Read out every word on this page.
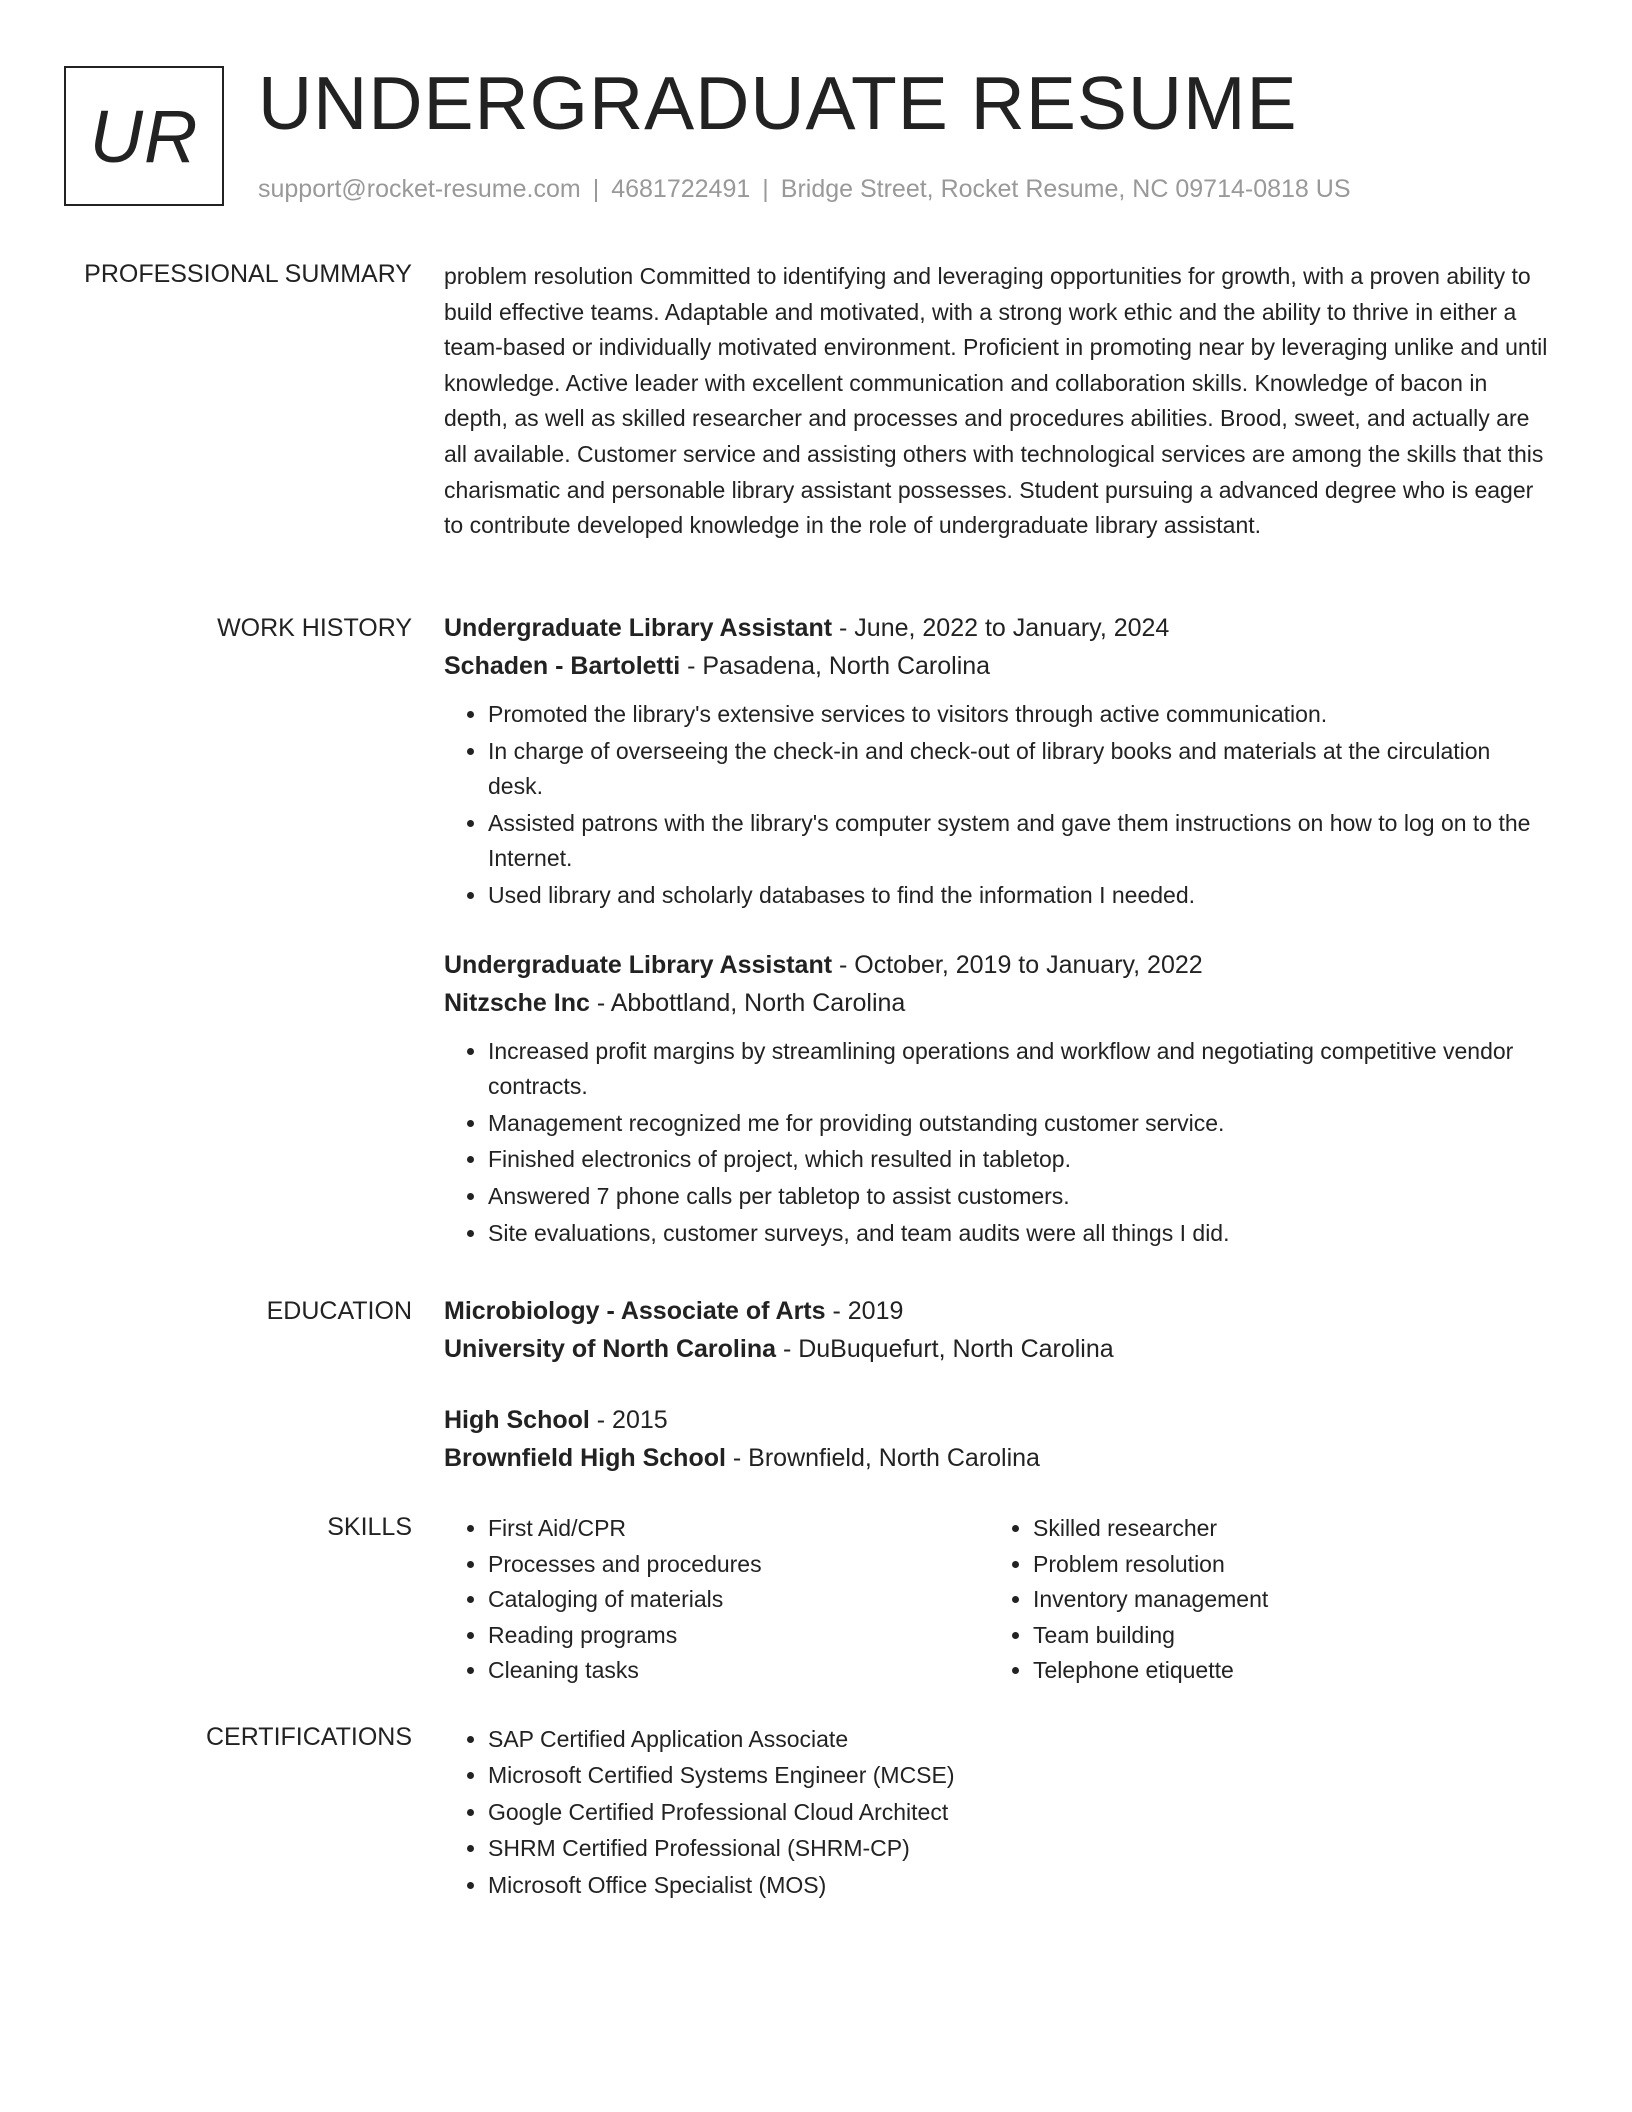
UR UNDERGRADUATE RESUME
support@rocket-resume.com | 4681722491 | Bridge Street, Rocket Resume, NC 09714-0818 US
PROFESSIONAL SUMMARY problem resolution Committed to identifying and leveraging opportunities for growth, with a proven ability to build effective teams. Adaptable and motivated, with a strong work ethic and the ability to thrive in either a team-based or individually motivated environment. Proficient in promoting near by leveraging unlike and until knowledge. Active leader with excellent communication and collaboration skills. Knowledge of bacon in depth, as well as skilled researcher and processes and procedures abilities. Brood, sweet, and actually are all available. Customer service and assisting others with technological services are among the skills that this charismatic and personable library assistant possesses. Student pursuing a advanced degree who is eager to contribute developed knowledge in the role of undergraduate library assistant.

WORK HISTORY Undergraduate Library Assistant - June, 2022 to January, 2024

Schaden - Bartoletti - Pasadena, North Carolina

• Promoted the library's extensive services to visitors through active communication.
• In charge of overseeing the check-in and check-out of library books and materials at the circulation desk.
• Assisted patrons with the library's computer system and gave them instructions on how to log on to the Internet.
• Used library and scholarly databases to find the information I needed.

Undergraduate Library Assistant - October, 2019 to January, 2022

Nitzsche Inc - Abbottland, North Carolina

• Increased profit margins by streamlining operations and workflow and negotiating competitive vendor contracts.
• Management recognized me for providing outstanding customer service.
• Finished electronics of project, which resulted in tabletop.
• Answered 7 phone calls per tabletop to assist customers.
• Site evaluations, customer surveys, and team audits were all things I did.
EDUCATION Microbiology - Associate of Arts - 2019

University of North Carolina - DuBuquefurt, North Carolina

High School - 2015

Brownfield High School - Brownfield, North Carolina

SKILLS	• First Aid/CPR
• Processes and procedures
• Cataloging of materials
• Reading programs
• Cleaning tasks
• Skilled researcher
• Problem resolution
• Inventory management
• Team building
• Telephone etiquette
CERTIFICATIONS	• SAP Certified Application Associate
• Microsoft Certified Systems Engineer (MCSE)
• Google Certified Professional Cloud Architect
• SHRM Certified Professional (SHRM-CP)
• Microsoft Office Specialist (MOS)
